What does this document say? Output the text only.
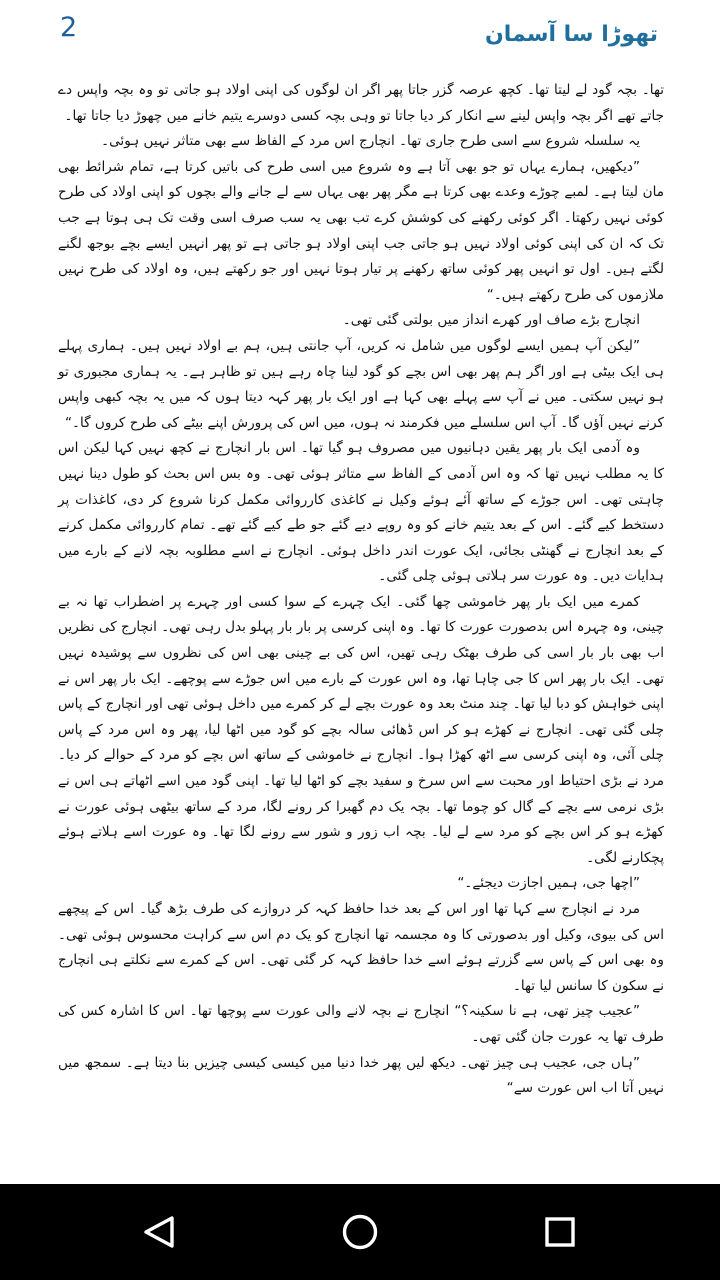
2	تھوڑا سا آسمان

تھا۔ بچہ گود لے لیتا تھا۔ کچھ عرصہ گزر جاتا پھر اگر ان لوگوں کی اپنی اولاد ہو جاتی تو وہ بچہ واپس دے جاتے تھے اگر بچہ واپس لینے سے انکار کر دیا جاتا تو وہی بچہ کسی دوسرے یتیم خانے میں چھوڑ دیا جاتا تھا۔

یہ سلسلہ شروع سے اسی طرح جاری تھا۔ انچارج اس مرد کے الفاظ سے بھی متاثر نہیں ہوئی۔

”دیکھیں، ہمارے یہاں تو جو بھی آتا ہے وہ شروع میں اسی طرح کی باتیں کرتا ہے، تمام شرائط بھی مان لیتا ہے۔ لمبے چوڑے وعدے بھی کرتا ہے مگر پھر بھی یہاں سے لے جانے والے بچوں کو اپنی اولاد کی طرح کوئی نہیں رکھتا۔ اگر کوئی رکھنے کی کوشش کرے تب بھی یہ سب صرف اسی وقت تک ہی ہوتا ہے جب تک کہ ان کی اپنی کوئی اولاد نہیں ہو جاتی جب اپنی اولاد ہو جاتی ہے تو پھر انہیں ایسے بچے بوجھ لگنے لگتے ہیں۔ اول تو انہیں پھر کوئی ساتھ رکھنے پر تیار ہوتا نہیں اور جو رکھتے ہیں، وہ اولاد کی طرح نہیں ملازموں کی طرح رکھتے ہیں۔“

انچارج بڑے صاف اور کھرے انداز میں بولتی گئی تھی۔

”لیکن آپ ہمیں ایسے لوگوں میں شامل نہ کریں، آپ جانتی ہیں، ہم بے اولاد نہیں ہیں۔ ہماری پہلے ہی ایک بیٹی ہے اور اگر ہم پھر بھی اس بچے کو گود لینا چاہ رہے ہیں تو ظاہر ہے۔ یہ ہماری مجبوری تو ہو نہیں سکتی۔ میں نے آپ سے پہلے بھی کہا ہے اور ایک بار پھر کہہ دیتا ہوں کہ میں یہ بچہ کبھی واپس کرنے نہیں آؤں گا۔ آپ اس سلسلے میں فکرمند نہ ہوں، میں اس کی پرورش اپنے بیٹے کی طرح کروں گا۔“

وہ آدمی ایک بار پھر یقین دہانیوں میں مصروف ہو گیا تھا۔ اس بار انچارج نے کچھ نہیں کہا لیکن اس کا یہ مطلب نہیں تھا کہ وہ اس آدمی کے الفاظ سے متاثر ہوئی تھی۔ وہ بس اس بحث کو طول دینا نہیں چاہتی تھی۔ اس جوڑے کے ساتھ آئے ہوئے وکیل نے کاغذی کارروائی مکمل کرنا شروع کر دی، کاغذات پر دستخط کیے گئے۔ اس کے بعد یتیم خانے کو وہ روپے دیے گئے جو طے کیے گئے تھے۔ تمام کارروائی مکمل کرنے کے بعد انچارج نے گھنٹی بجائی، ایک عورت اندر داخل ہوئی۔ انچارج نے اسے مطلوبہ بچہ لانے کے بارے میں ہدایات دیں۔ وہ عورت سر ہلاتی ہوئی چلی گئی۔

کمرے میں ایک بار پھر خاموشی چھا گئی۔ ایک چہرے کے سوا کسی اور چہرے پر اضطراب تھا نہ بے چینی، وہ چہرہ اس بدصورت عورت کا تھا۔ وہ اپنی کرسی پر بار بار پہلو بدل رہی تھی۔ انچارج کی نظریں اب بھی بار بار اسی کی طرف بھٹک رہی تھیں، اس کی بے چینی بھی اس کی نظروں سے پوشیدہ نہیں تھی۔ ایک بار پھر اس کا جی چاہا تھا، وہ اس عورت کے بارے میں اس جوڑے سے پوچھے۔ ایک بار پھر اس نے اپنی خواہش کو دبا لیا تھا۔ چند منٹ بعد وہ عورت بچے لے کر کمرے میں داخل ہوئی تھی اور انچارج کے پاس چلی گئی تھی۔ انچارج نے کھڑے ہو کر اس ڈھائی سالہ بچے کو گود میں اٹھا لیا، پھر وہ اس مرد کے پاس چلی آئی، وہ اپنی کرسی سے اٹھ کھڑا ہوا۔ انچارج نے خاموشی کے ساتھ اس بچے کو مرد کے حوالے کر دیا۔ مرد نے بڑی احتیاط اور محبت سے اس سرخ و سفید بچے کو اٹھا لیا تھا۔ اپنی گود میں اسے اٹھاتے ہی اس نے بڑی نرمی سے بچے کے گال کو چوما تھا۔ بچہ یک دم گھبرا کر رونے لگا، مرد کے ساتھ بیٹھی ہوئی عورت نے کھڑے ہو کر اس بچے کو مرد سے لے لیا۔ بچہ اب زور و شور سے رونے لگا تھا۔ وہ عورت اسے ہلاتے ہوئے پچکارنے لگی۔

”اچھا جی، ہمیں اجازت دیجئے۔“

مرد نے انچارج سے کہا تھا اور اس کے بعد خدا حافظ کہہ کر دروازے کی طرف بڑھ گیا۔ اس کے پیچھے اس کی بیوی، وکیل اور بدصورتی کا وہ مجسمہ تھا انچارج کو یک دم اس سے کراہت محسوس ہوئی تھی۔ وہ بھی اس کے پاس سے گزرتے ہوئے اسے خدا حافظ کہہ کر گئی تھی۔ اس کے کمرے سے نکلتے ہی انچارج نے سکون کا سانس لیا تھا۔

”عجیب چیز تھی، ہے نا سکینہ؟“ انچارج نے بچہ لانے والی عورت سے پوچھا تھا۔ اس کا اشارہ کس کی طرف تھا یہ عورت جان گئی تھی۔

”ہاں جی، عجیب ہی چیز تھی۔ دیکھ لیں پھر خدا دنیا میں کیسی کیسی چیزیں بنا دیتا ہے۔ سمجھ میں نہیں آتا اب اس عورت سے“
